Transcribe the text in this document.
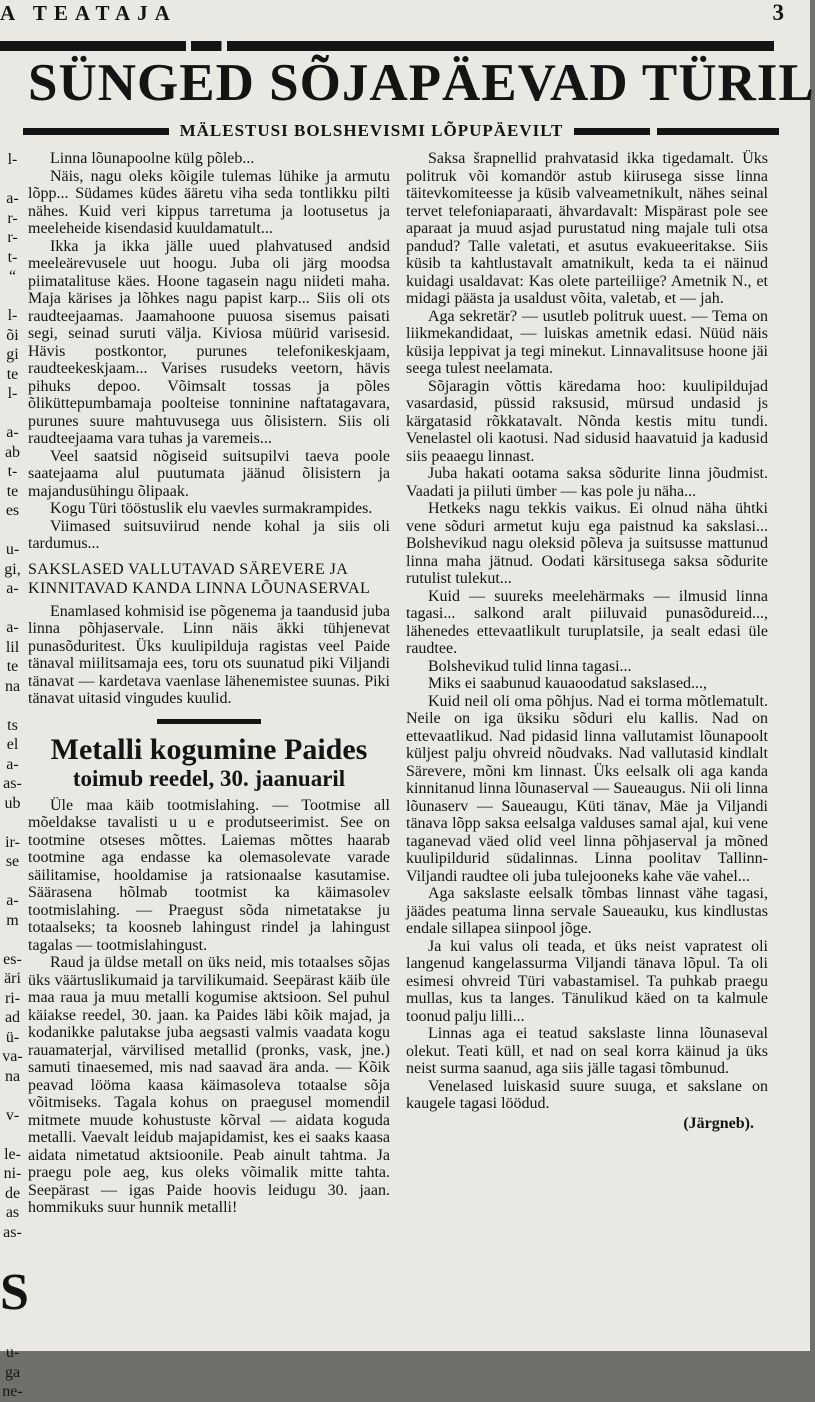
A TEATAJA	3
SÜNGED SÕJAPÄEVAD TÜRIL
MÄLESTUSI BOLSHEVISMI LÕPUPÄEVILT
l-

a-
r-
r-
t-
“

l-
õi
gi
te
l-

a-
ab
t-
te
es

u-
gi,
a-

a-
lil
te
na

ts
el
a-
as-
ub

ir-
se

a-
m

es-
äri
ri-
ad
ü-
va-
na

v-

le-
ni-
de
as
as-

S

u-
ga
ne-

Linna lõunapoolne külg põleb...

Näis, nagu oleks kõigile tulemas lühike ja armutu lõpp... Südames küdes ääretu viha seda tontlikku pilti nähes. Kuid veri kippus tarretuma ja lootusetus ja meeleheide kisendasid kuuldamatult...

Ikka ja ikka jälle uued plahvatused andsid meeleärevusele uut hoogu. Juba oli järg moodsa piimatalituse käes. Hoone tagasein nagu niideti maha. Maja kärises ja lõhkes nagu papist karp... Siis oli ots raudteejaamas. Jaamahoone puuosa sisemus paisati segi, seinad suruti välja. Kiviosa müürid varisesid. Hävis postkontor, purunes telefonikeskjaam, raudteekeskjaam... Varises rusudeks veetorn, hävis pihuks depoo. Võimsalt tossas ja põles õliküttepumbamaja poolteise tonninine naftatagavara, purunes suure mahtuvusega uus õlisistern. Siis oli raudteejaama vara tuhas ja varemeis...

Veel saatsid nõgiseid suitsupilvi taeva poole saatejaama alul puutumata jäänud õlisistern ja majandusühingu õlipaak.

Kogu Türi tööstuslik elu vaevles surmakrampides.

Viimased suitsuviirud nende kohal ja siis oli tardumus...

SAKSLASED VALLUTAVAD SÄREVERE JA KINNITAVAD KANDA LINNA LÕUNASERVAL

Enamlased kohmisid ise põgenema ja taandusid juba linna põhjaservale. Linn näis äkki tühjenevat punasõduritest. Üks kuulipilduja ragistas veel Paide tänaval miilitsamaja ees, toru ots suunatud piki Viljandi tänavat — kardetava vaenlase lähenemistee suunas. Piki tänavat uitasid vingudes kuulid.

Metalli kogumine Paides
toimub reedel, 30. jaanuaril

Üle maa käib tootmislahing. — Tootmise all mõeldakse tavalisti u u e produtseerimist. See on tootmine otseses mõttes. Laiemas mõttes haarab tootmine aga endasse ka olemasolevate varade säilitamise, hooldamise ja ratsionaalse kasutamise. Säärasena hõlmab tootmist ka käimasolev tootmislahing. — Praegust sõda nimetatakse ju totaalseks; ta koosneb lahingust rindel ja lahingust tagalas — tootmislahingust.

Raud ja üldse metall on üks neid, mis totaalses sõjas üks väärtuslikumaid ja tarvilikumaid. Seepärast käib üle maa raua ja muu metalli kogumise aktsioon. Sel puhul käiakse reedel, 30. jaan. ka Paides läbi kõik majad, ja kodanikke palutakse juba aegsasti valmis vaadata kogu rauamaterjal, värvilised metallid (pronks, vask, jne.) samuti tinaesemed, mis nad saavad ära anda. — Kõik peavad lööma kaasa käimasoleva totaalse sõja võitmiseks. Tagala kohus on praegusel momendil mitmete muude kohustuste kõrval — aidata koguda metalli. Vaevalt leidub majapidamist, kes ei saaks kaasa aidata nimetatud aktsioonile. Peab ainult tahtma. Ja praegu pole aeg, kus oleks võimalik mitte tahta. Seepärast — igas Paide hoovis leidugu 30. jaan. hommikuks suur hunnik metalli!

Saksa šrapnellid prahvatasid ikka tigedamalt. Üks politruk või komandör astub kiirusega sisse linna täitevkomiteesse ja küsib valveametnikult, nähes seinal tervet telefoniaparaati, ähvardavalt: Mispärast pole see aparaat ja muud asjad purustatud ning majale tuli otsa pandud? Talle valetati, et asutus evakueeritakse. Siis küsib ta kahtlustavalt amatnikult, keda ta ei näinud kuidagi usaldavat: Kas olete parteiliige? Ametnik N., et midagi päästa ja usaldust võita, valetab, et — jah.

Aga sekretär? — usutleb politruk uuest. — Tema on liikmekandidaat, — luiskas ametnik edasi. Nüüd näis küsija leppivat ja tegi minekut. Linnavalitsuse hoone jäi seega tulest neelamata.

Sõjaragin võttis käredama hoo: kuulipildujad vasardasid, püssid raksusid, mürsud undasid js kärgatasid rõkkatavalt. Nõnda kestis mitu tundi. Venelastel oli kaotusi. Nad sidusid haavatuid ja kadusid siis peaaegu linnast.

Juba hakati ootama saksa sõdurite linna jõudmist. Vaadati ja piiluti ümber — kas pole ju näha...

Hetkeks nagu tekkis vaikus. Ei olnud näha ühtki vene sõduri armetut kuju ega paistnud ka sakslasi... Bolshevikud nagu oleksid põleva ja suitsusse mattunud linna maha jätnud. Oodati kärsitusega saksa sõdurite rutulist tulekut...

Kuid — suureks meelehärmaks — ilmusid linna tagasi... salkond aralt piiluvaid punasõdureid..., lähenedes ettevaatlikult turuplatsile, ja sealt edasi üle raudtee.

Bolshevikud tulid linna tagasi...

Miks ei saabunud kauaoodatud sakslased...,

Kuid neil oli oma põhjus. Nad ei torma mõtlematult. Neile on iga üksiku sõduri elu kallis. Nad on ettevaatlikud. Nad pidasid linna vallutamist lõunapoolt küljest palju ohvreid nõudvaks. Nad vallutasid kindlalt Särevere, mõni km linnast. Üks eelsalk oli aga kanda kinnitanud linna lõunaserval — Saueaugus. Nii oli linna lõunaserv — Saueaugu, Küti tänav, Mäe ja Viljandi tänava lõpp saksa eelsalga valduses samal ajal, kui vene taganevad väed olid veel linna põhjaserval ja mõned kuulipildurid südalinnas. Linna poolitav Tallinn-Viljandi raudtee oli juba tulejooneks kahe väe vahel...

Aga sakslaste eelsalk tõmbas linnast vähe tagasi, jäädes peatuma linna servale Saueauku, kus kindlustas endale sillapea siinpool jõge.

Ja kui valus oli teada, et üks neist vapratest oli langenud kangelassurma Viljandi tänava lõpul. Ta oli esimesi ohvreid Türi vabastamisel. Ta puhkab praegu mullas, kus ta langes. Tänulikud käed on ta kalmule toonud palju lilli...

Linnas aga ei teatud sakslaste linna lõunaseval olekut. Teati küll, et nad on seal korra käinud ja üks neist surma saanud, aga siis jälle tagasi tõmbunud.

Venelased luiskasid suure suuga, et sakslane on kaugele tagasi löödud.

(Järgneb).
